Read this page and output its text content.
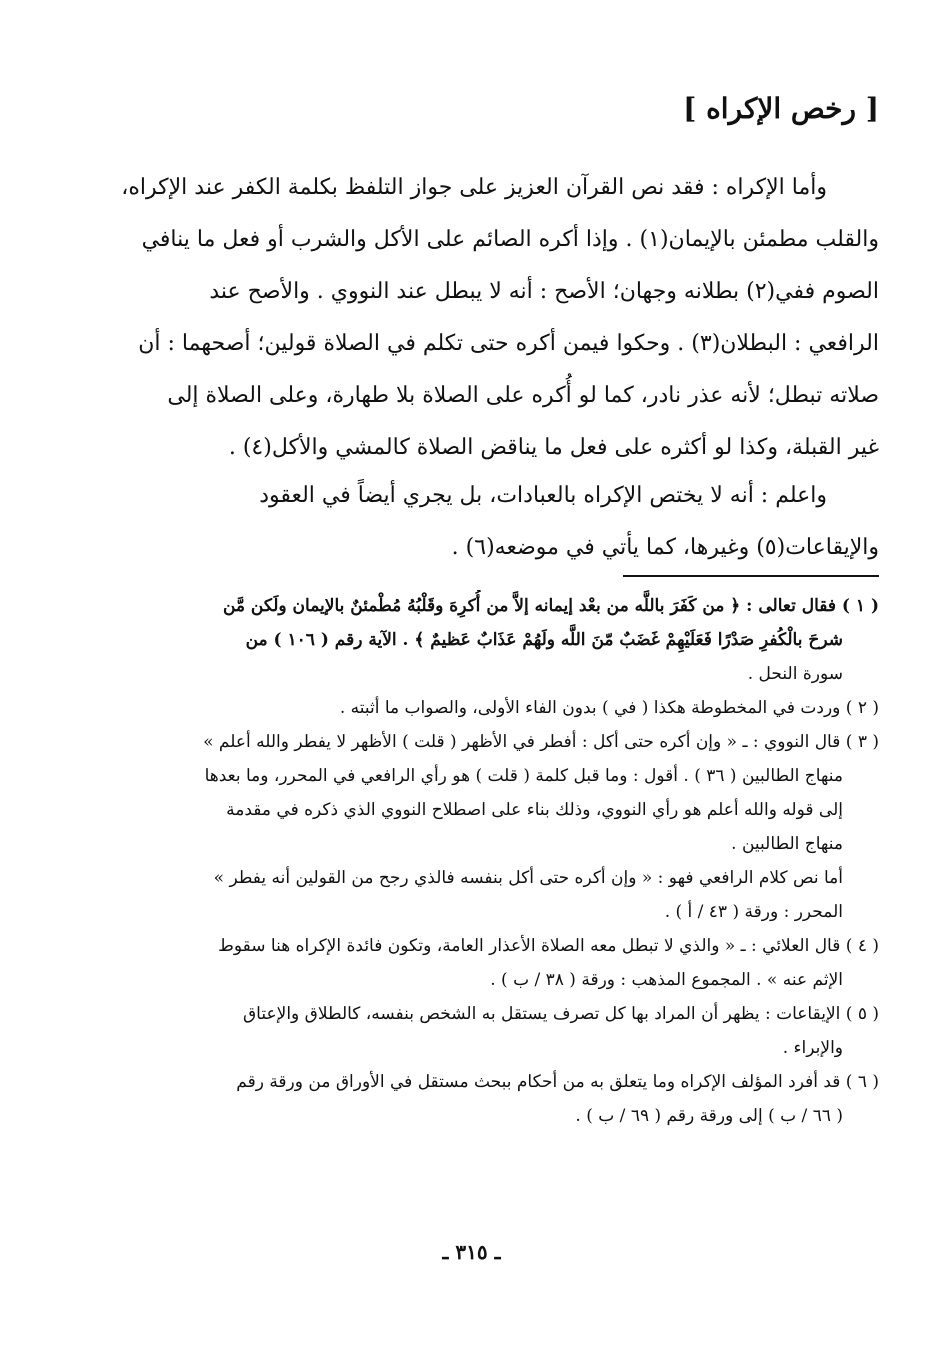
[ رخص الإكراه ]
وأما الإكراه : فقد نص القرآن العزيز على جواز التلفظ بكلمة الكفر عند الإكراه،
والقلب مطمئن بالإيمان(١) . وإذا أكره الصائم على الأكل والشرب أو فعل ما ينافي
الصوم ففي(٢) بطلانه وجهان؛ الأصح : أنه لا يبطل عند النووي . والأصح عند
الرافعي : البطلان(٣) . وحكوا فيمن أكره حتى تكلم في الصلاة قولين؛ أصحهما : أن
صلاته تبطل؛ لأنه عذر نادر، كما لو أُكره على الصلاة بلا طهارة، وعلى الصلاة إلى
غير القبلة، وكذا لو أكثره على فعل ما يناقض الصلاة كالمشي والأكل(٤) .
واعلم : أنه لا يختص الإكراه بالعبادات، بل يجري أيضاً في العقود
والإيقاعات(٥) وغيرها، كما يأتي في موضعه(٦) .
( ١ ) فقال تعالى : ﴿ من كَفَرَ باللَّه من بعْد إيمانه إلاَّ من أُكرِهَ وقَلْبُهُ مُطْمئنٌ بالإيمان ولَكن مَّن
شرحَ بالْكُفرِ صَدْرًا فَعَلَيْهِمْ غَضَبٌ مّنَ اللَّه ولَهُمْ عَذَابٌ عَظيمٌ ﴾ . الآية رقم ( ١٠٦ ) من
سورة النحل .
( ٢ ) وردت في المخطوطة هكذا ( في ) بدون الفاء الأولى، والصواب ما أثبته .
( ٣ ) قال النووي : ـ « وإن أكره حتى أكل : أفطر في الأظهر ( قلت ) الأظهر لا يفطر والله أعلم »
منهاج الطالبين ( ٣٦ ) . أقول : وما قبل كلمة ( قلت ) هو رأي الرافعي في المحرر، وما بعدها
إلى قوله والله أعلم هو رأي النووي، وذلك بناء على اصطلاح النووي الذي ذكره في مقدمة
منهاج الطالبين .
أما نص كلام الرافعي فهو : « وإن أكره حتى أكل بنفسه فالذي رجح من القولين أنه يفطر »
المحرر : ورقة ( ٤٣ / أ ) .
( ٤ ) قال العلائي : ـ « والذي لا تبطل معه الصلاة الأعذار العامة، وتكون فائدة الإكراه هنا سقوط
الإثم عنه » . المجموع المذهب : ورقة ( ٣٨ / ب ) .
( ٥ ) الإيقاعات : يظهر أن المراد بها كل تصرف يستقل به الشخص بنفسه، كالطلاق والإعتاق
والإبراء .
( ٦ ) قد أفرد المؤلف الإكراه وما يتعلق به من أحكام ببحث مستقل في الأوراق من ورقة رقم
( ٦٦ / ب ) إلى ورقة رقم ( ٦٩ / ب ) .
ـ ٣١٥ ـ
